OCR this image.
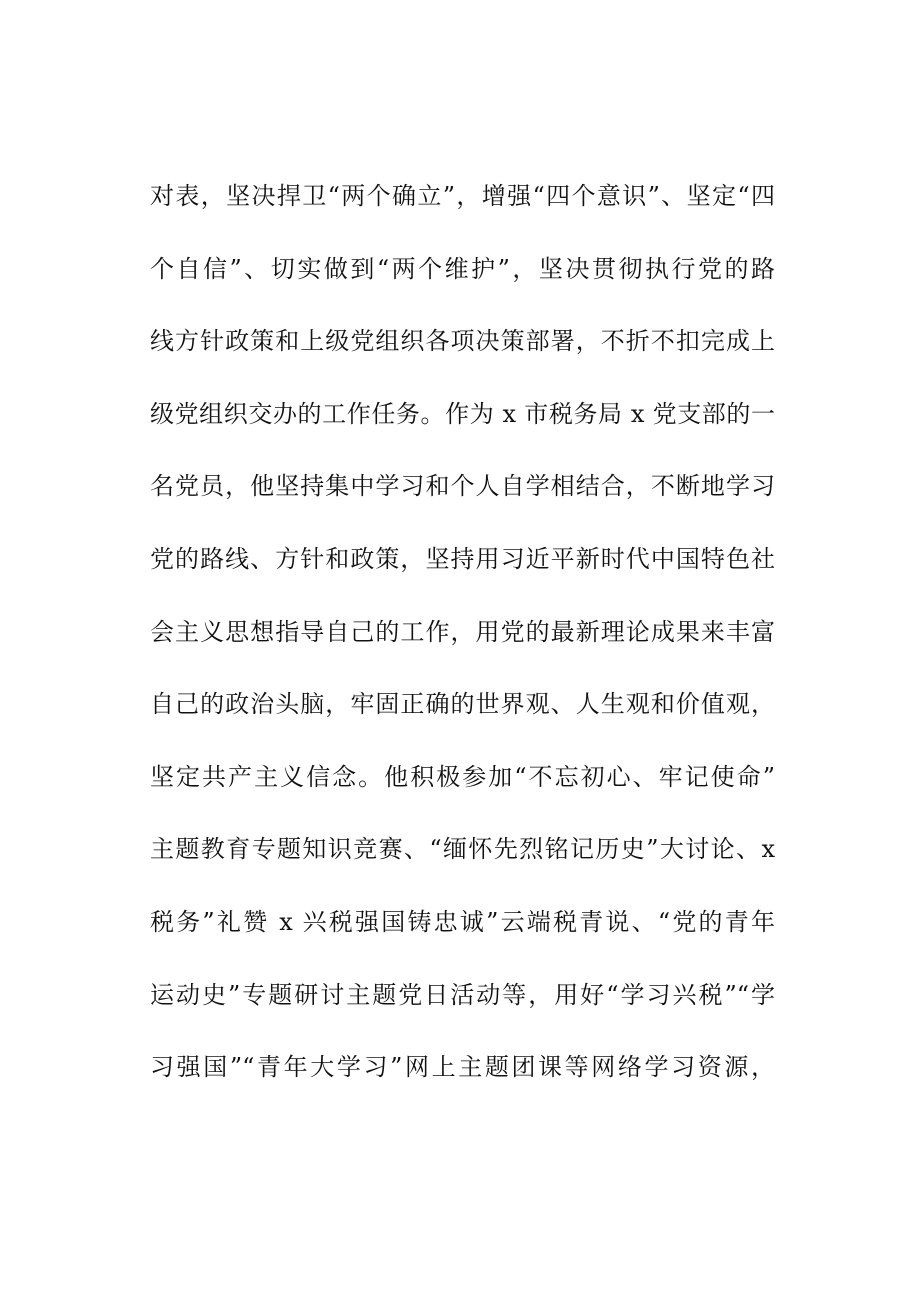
对表，坚决捍卫“两个确立”，增强“四个意识”、坚定“四
个自信”、切实做到“两个维护”，坚决贯彻执行党的路
线方针政策和上级党组织各项决策部署，不折不扣完成上
级党组织交办的工作任务。作为 x 市税务局 x 党支部的一
名党员，他坚持集中学习和个人自学相结合，不断地学习
党的路线、方针和政策，坚持用习近平新时代中国特色社
会主义思想指导自己的工作，用党的最新理论成果来丰富
自己的政治头脑，牢固正确的世界观、人生观和价值观，
坚定共产主义信念。他积极参加“不忘初心、牢记使命”
主题教育专题知识竞赛、“缅怀先烈铭记历史”大讨论、x
税务”礼赞 x 兴税强国铸忠诚”云端税青说、“党的青年
运动史”专题研讨主题党日活动等，用好“学习兴税”“学
习强国”“青年大学习”网上主题团课等网络学习资源，
